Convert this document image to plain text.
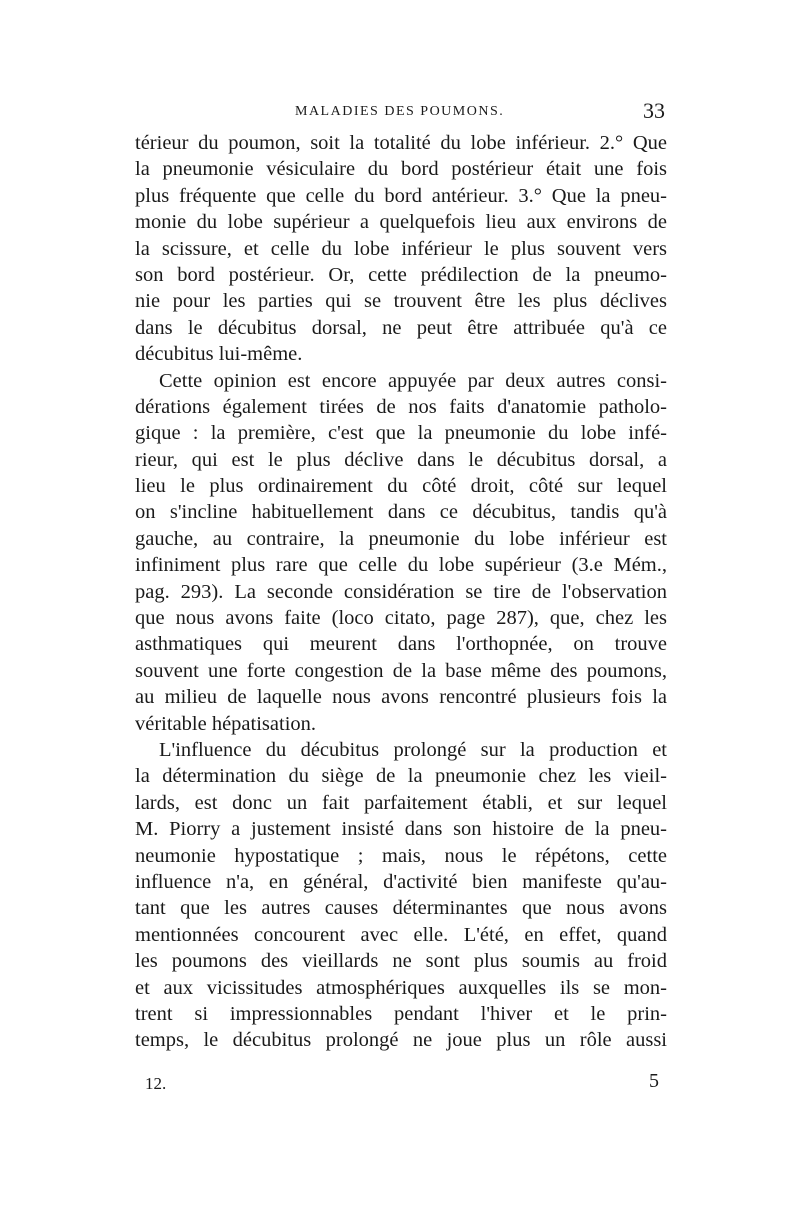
MALADIES DES POUMONS.	33
térieur du poumon, soit la totalité du lobe inférieur. 2.° Que
la pneumonie vésiculaire du bord postérieur était une fois
plus fréquente que celle du bord antérieur. 3.° Que la pneu-
monie du lobe supérieur a quelquefois lieu aux environs de
la scissure, et celle du lobe inférieur le plus souvent vers
son bord postérieur. Or, cette prédilection de la pneumo-
nie pour les parties qui se trouvent être les plus déclives
dans le décubitus dorsal, ne peut être attribuée qu'à ce
décubitus lui-même.
Cette opinion est encore appuyée par deux autres consi-
dérations également tirées de nos faits d'anatomie patholo-
gique : la première, c'est que la pneumonie du lobe infé-
rieur, qui est le plus déclive dans le décubitus dorsal, a
lieu le plus ordinairement du côté droit, côté sur lequel
on s'incline habituellement dans ce décubitus, tandis qu'à
gauche, au contraire, la pneumonie du lobe inférieur est
infiniment plus rare que celle du lobe supérieur (3.e Mém.,
pag. 293). La seconde considération se tire de l'observation
que nous avons faite (loco citato, page 287), que, chez les
asthmatiques qui meurent dans l'orthopnée, on trouve
souvent une forte congestion de la base même des poumons,
au milieu de laquelle nous avons rencontré plusieurs fois la
véritable hépatisation.
L'influence du décubitus prolongé sur la production et
la détermination du siège de la pneumonie chez les vieil-
lards, est donc un fait parfaitement établi, et sur lequel
M. Piorry a justement insisté dans son histoire de la pneu-
neumonie hypostatique ; mais, nous le répétons, cette
influence n'a, en général, d'activité bien manifeste qu'au-
tant que les autres causes déterminantes que nous avons
mentionnées concourent avec elle. L'été, en effet, quand
les poumons des vieillards ne sont plus soumis au froid
et aux vicissitudes atmosphériques auxquelles ils se mon-
trent si impressionnables pendant l'hiver et le prin-
temps, le décubitus prolongé ne joue plus un rôle aussi
12.	5
